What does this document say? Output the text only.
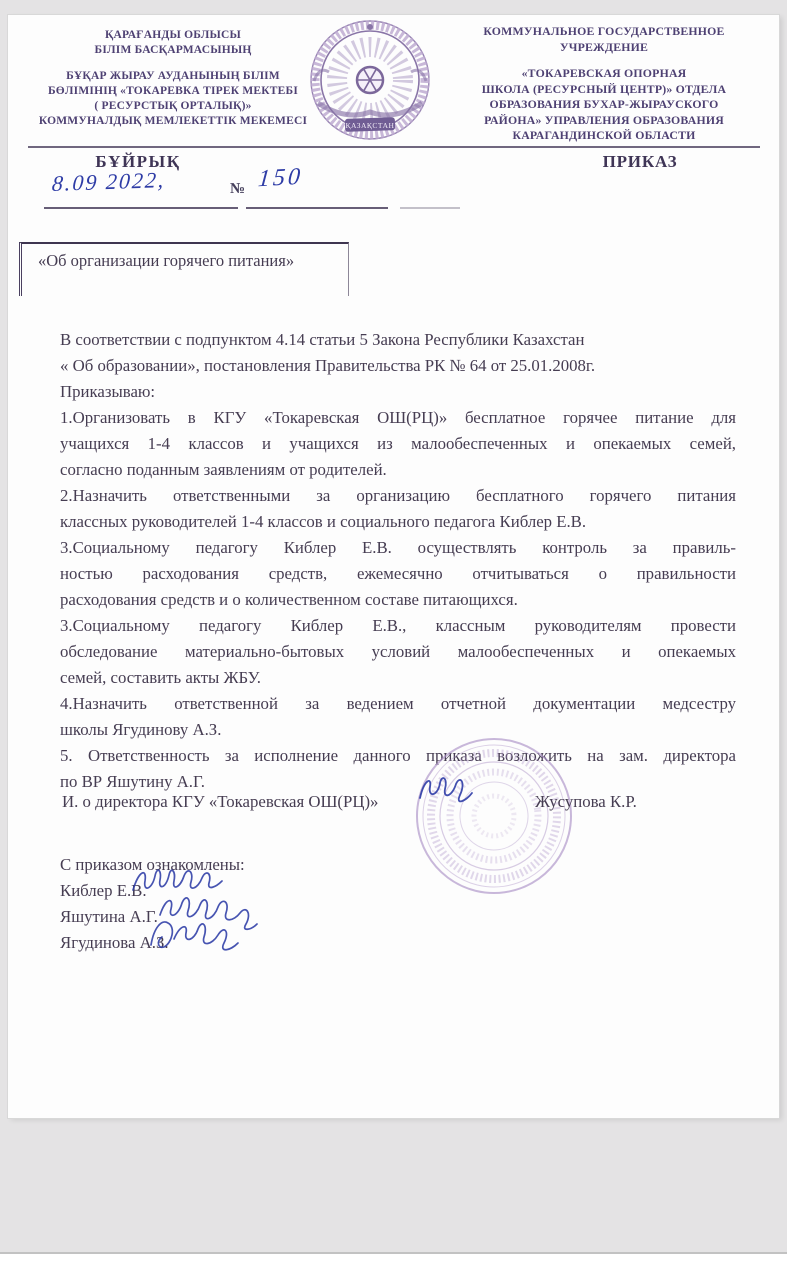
ҚАРАҒАНДЫ ОБЛЫСЫ
БІЛІМ БАСҚАРМАСЫНЫҢ
БҰҚАР ЖЫРАУ АУДАНЫНЫҢ БІЛІМ
БӨЛІМІНІҢ «ТОКАРЕВКА ТІРЕК МЕКТЕБІ
( РЕСУРСТЫҚ ОРТАЛЫҚ)»
КОММУНАЛДЫҚ МЕМЛЕКЕТТІК МЕКЕМЕСІ	ҚАЗАҚСТАН
КОММУНАЛЬНОЕ ГОСУДАРСТВЕННОЕ
УЧРЕЖДЕНИЕ
«ТОКАРЕВСКАЯ ОПОРНАЯ
ШКОЛА (РЕСУРСНЫЙ ЦЕНТР)» ОТДЕЛА
ОБРАЗОВАНИЯ БУХАР-ЖЫРАУСКОГО
РАЙОНА» УПРАВЛЕНИЯ ОБРАЗОВАНИЯ
КАРАГАНДИНСКОЙ ОБЛАСТИ
БҰЙРЫҚ	ПРИКАЗ
8.09 2022,	№ 150
«Об организации горячего питания»
В соответствии с подпунктом 4.14 статьи 5 Закона Республики Казахстан
« Об образовании», постановления Правительства РК № 64 от 25.01.2008г.
Приказываю:
1.Организовать в КГУ «Токаревская ОШ(РЦ)» бесплатное горячее питание для
учащихся 1-4 классов и учащихся из малообеспеченных и опекаемых семей,
согласно поданным заявлениям от родителей.
2.Назначить ответственными за организацию бесплатного горячего питания
классных руководителей 1-4 классов и социального педагога Киблер Е.В.
3.Социальному педагогу Киблер Е.В. осуществлять контроль за правиль-
ностью расходования средств, ежемесячно отчитываться о правильности
расходования средств и о количественном составе питающихся.
3.Социальному педагогу Киблер Е.В., классным руководителям провести
обследование материально-бытовых условий малообеспеченных и опекаемых
семей, составить акты ЖБУ.
4.Назначить ответственной за ведением отчетной документации медсестру
школы Ягудинову А.З.
5. Ответственность за исполнение данного приказа возложить на зам. директора
по ВР Яшутину А.Г.
И. о директора КГУ «Токаревская ОШ(РЦ)»	Жусупова К.Р.
С приказом ознакомлены:
Киблер Е.В.
Яшутина А.Г.
Ягудинова А.З.
